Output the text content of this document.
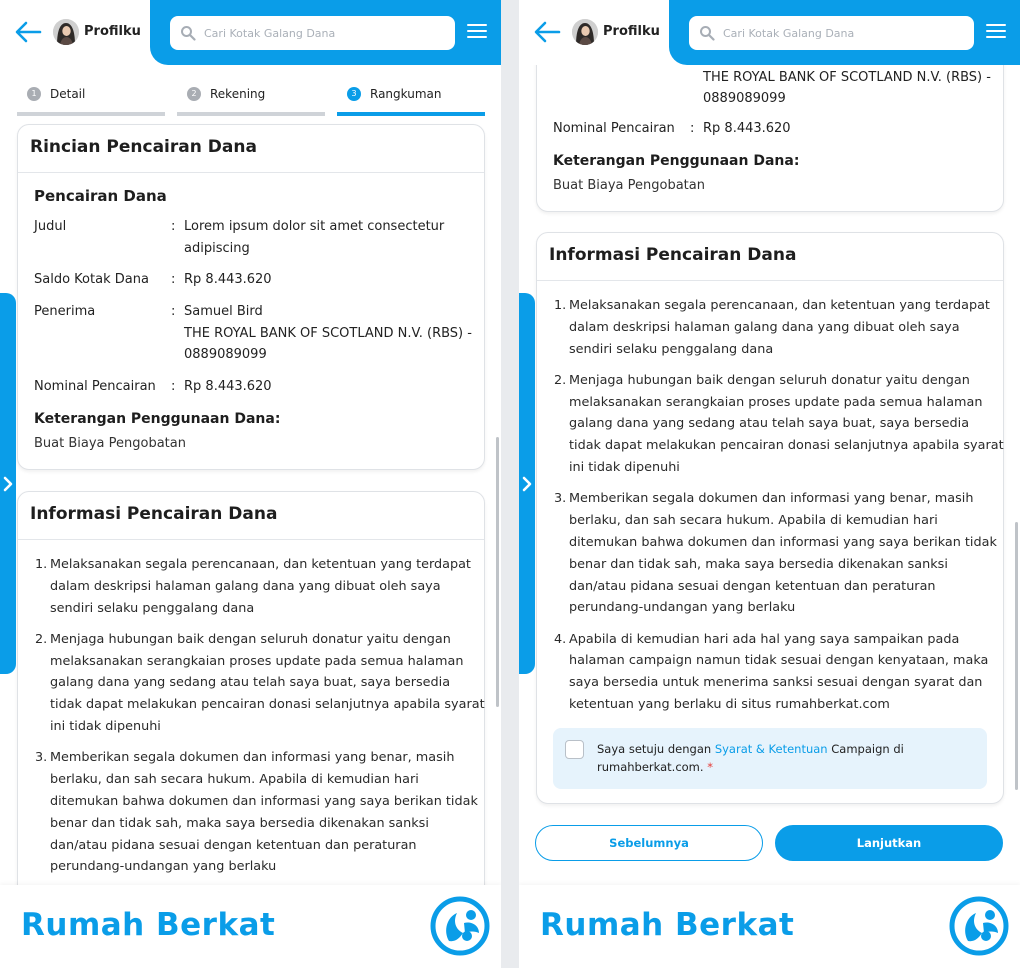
Profilku
Cari Kotak Galang Dana
1	Detail	2	Rekening	3	Rangkuman
Rincian Pencairan Dana
Pencairan Dana
Judul	: Lorem ipsum dolor sit amet consectetur adipiscing
Saldo Kotak Dana : Rp 8.443.620
Penerima	: Samuel Bird
THE ROYAL BANK OF SCOTLAND N.V. (RBS) - 0889089099
Nominal Pencairan : Rp 8.443.620
Keterangan Penggunaan Dana:
Buat Biaya Pengobatan
Informasi Pencairan Dana
1. Melaksanakan segala perencanaan, dan ketentuan yang terdapat dalam deskripsi halaman galang dana yang dibuat oleh saya sendiri selaku penggalang dana
2. Menjaga hubungan baik dengan seluruh donatur yaitu dengan melaksanakan serangkaian proses update pada semua halaman galang dana yang sedang atau telah saya buat, saya bersedia tidak dapat melakukan pencairan donasi selanjutnya apabila syarat ini tidak dipenuhi
3. Memberikan segala dokumen dan informasi yang benar, masih berlaku, dan sah secara hukum. Apabila di kemudian hari ditemukan bahwa dokumen dan informasi yang saya berikan tidak benar dan tidak sah, maka saya bersedia dikenakan sanksi dan/atau pidana sesuai dengan ketentuan dan peraturan perundang-undangan yang berlaku
Rumah Berkat
THE ROYAL BANK OF SCOTLAND N.V. (RBS) - 0889089099
Nominal Pencairan : Rp 8.443.620
Keterangan Penggunaan Dana:
Buat Biaya Pengobatan
Profilku
Cari Kotak Galang Dana
Informasi Pencairan Dana
1. Melaksanakan segala perencanaan, dan ketentuan yang terdapat dalam deskripsi halaman galang dana yang dibuat oleh saya sendiri selaku penggalang dana
2. Menjaga hubungan baik dengan seluruh donatur yaitu dengan melaksanakan serangkaian proses update pada semua halaman galang dana yang sedang atau telah saya buat, saya bersedia tidak dapat melakukan pencairan donasi selanjutnya apabila syarat ini tidak dipenuhi
3. Memberikan segala dokumen dan informasi yang benar, masih berlaku, dan sah secara hukum. Apabila di kemudian hari ditemukan bahwa dokumen dan informasi yang saya berikan tidak benar dan tidak sah, maka saya bersedia dikenakan sanksi dan/atau pidana sesuai dengan ketentuan dan peraturan perundang-undangan yang berlaku
4. Apabila di kemudian hari ada hal yang saya sampaikan pada halaman campaign namun tidak sesuai dengan kenyataan, maka saya bersedia untuk menerima sanksi sesuai dengan syarat dan ketentuan yang berlaku di situs rumahberkat.com
Saya setuju dengan Syarat & Ketentuan Campaign di rumahberkat.com. *
Sebelumnya	Lanjutkan
Rumah Berkat
